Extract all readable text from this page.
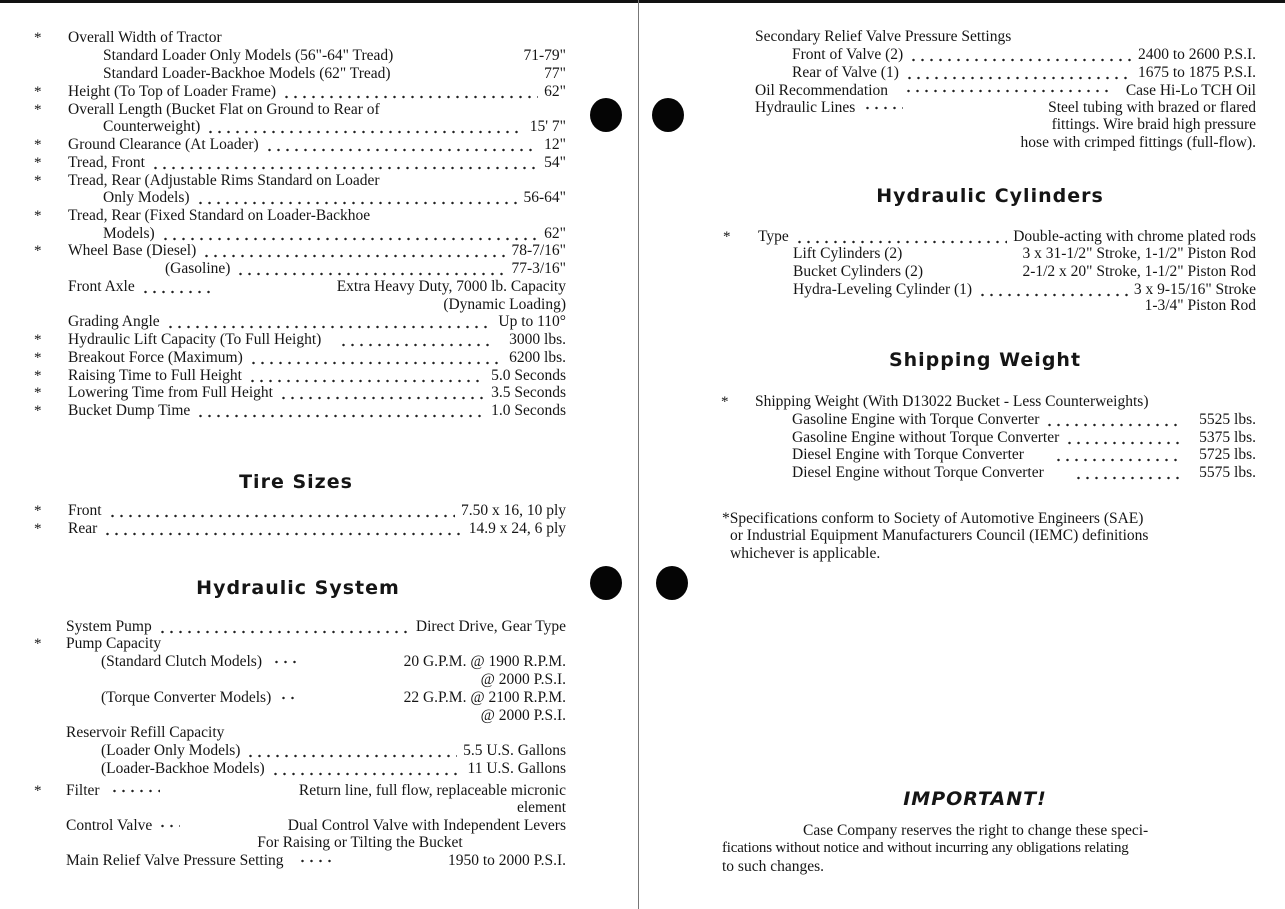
* Overall Width of Tractor
Standard Loader Only Models (56"-64" Tread)	71-79"
Standard Loader-Backhoe Models (62" Tread)	77"
* Height (To Top of Loader Frame)	62"
* Overall Length (Bucket Flat on Ground to Rear of
Counterweight)	15' 7"
* Ground Clearance (At Loader)	12"
* Tread, Front	54"
* Tread, Rear (Adjustable Rims Standard on Loader
Only Models)	56-64"
* Tread, Rear (Fixed Standard on Loader-Backhoe
Models)	62"
* Wheel Base (Diesel)	78-7/16"
(Gasoline)	77-3/16"
Front Axle	Extra Heavy Duty, 7000 lb. Capacity
(Dynamic Loading)
Grading Angle	Up to 110°
* Hydraulic Lift Capacity (To Full Height)	3000 lbs.
* Breakout Force (Maximum)	6200 lbs.
* Raising Time to Full Height	5.0 Seconds
* Lowering Time from Full Height	3.5 Seconds
* Bucket Dump Time	1.0 Seconds
Tire Sizes
* Front	7.50 x 16, 10 ply
* Rear	14.9 x 24, 6 ply
Hydraulic System
System Pump	Direct Drive, Gear Type
* Pump Capacity
(Standard Clutch Models)	20 G.P.M. @ 1900 R.P.M.
@ 2000 P.S.I.
(Torque Converter Models)	22 G.P.M. @ 2100 R.P.M.
@ 2000 P.S.I.
Reservoir Refill Capacity
(Loader Only Models)	5.5 U.S. Gallons
(Loader-Backhoe Models)	11 U.S. Gallons
* Filter	Return line, full flow, replaceable micronic
element
Control Valve	Dual Control Valve with Independent Levers
For Raising or Tilting the Bucket
Main Relief Valve Pressure Setting	1950 to 2000 P.S.I.
Secondary Relief Valve Pressure Settings
Front of Valve (2)	2400 to 2600 P.S.I.
Rear of Valve (1)	1675 to 1875 P.S.I.
Oil Recommendation	Case Hi-Lo TCH Oil
Hydraulic Lines	Steel tubing with brazed or flared
fittings. Wire braid high pressure
hose with crimped fittings (full-flow).
Hydraulic Cylinders
* Type	Double-acting with chrome plated rods
Lift Cylinders (2)	3 x 31-1/2" Stroke, 1-1/2" Piston Rod
Bucket Cylinders (2)	2-1/2 x 20" Stroke, 1-1/2" Piston Rod
Hydra-Leveling Cylinder (1)	3 x 9-15/16" Stroke
1-3/4" Piston Rod
Shipping Weight
* Shipping Weight (With D13022 Bucket - Less Counterweights)
Gasoline Engine with Torque Converter	5525 lbs.
Gasoline Engine without Torque Converter	5375 lbs.
Diesel Engine with Torque Converter	5725 lbs.
Diesel Engine without Torque Converter	5575 lbs.
*Specifications conform to Society of Automotive Engineers (SAE)
or Industrial Equipment Manufacturers Council (IEMC) definitions
whichever is applicable.
IMPORTANT!
Case Company reserves the right to change these speci-
fications without notice and without incurring any obligations relating
to such changes.
